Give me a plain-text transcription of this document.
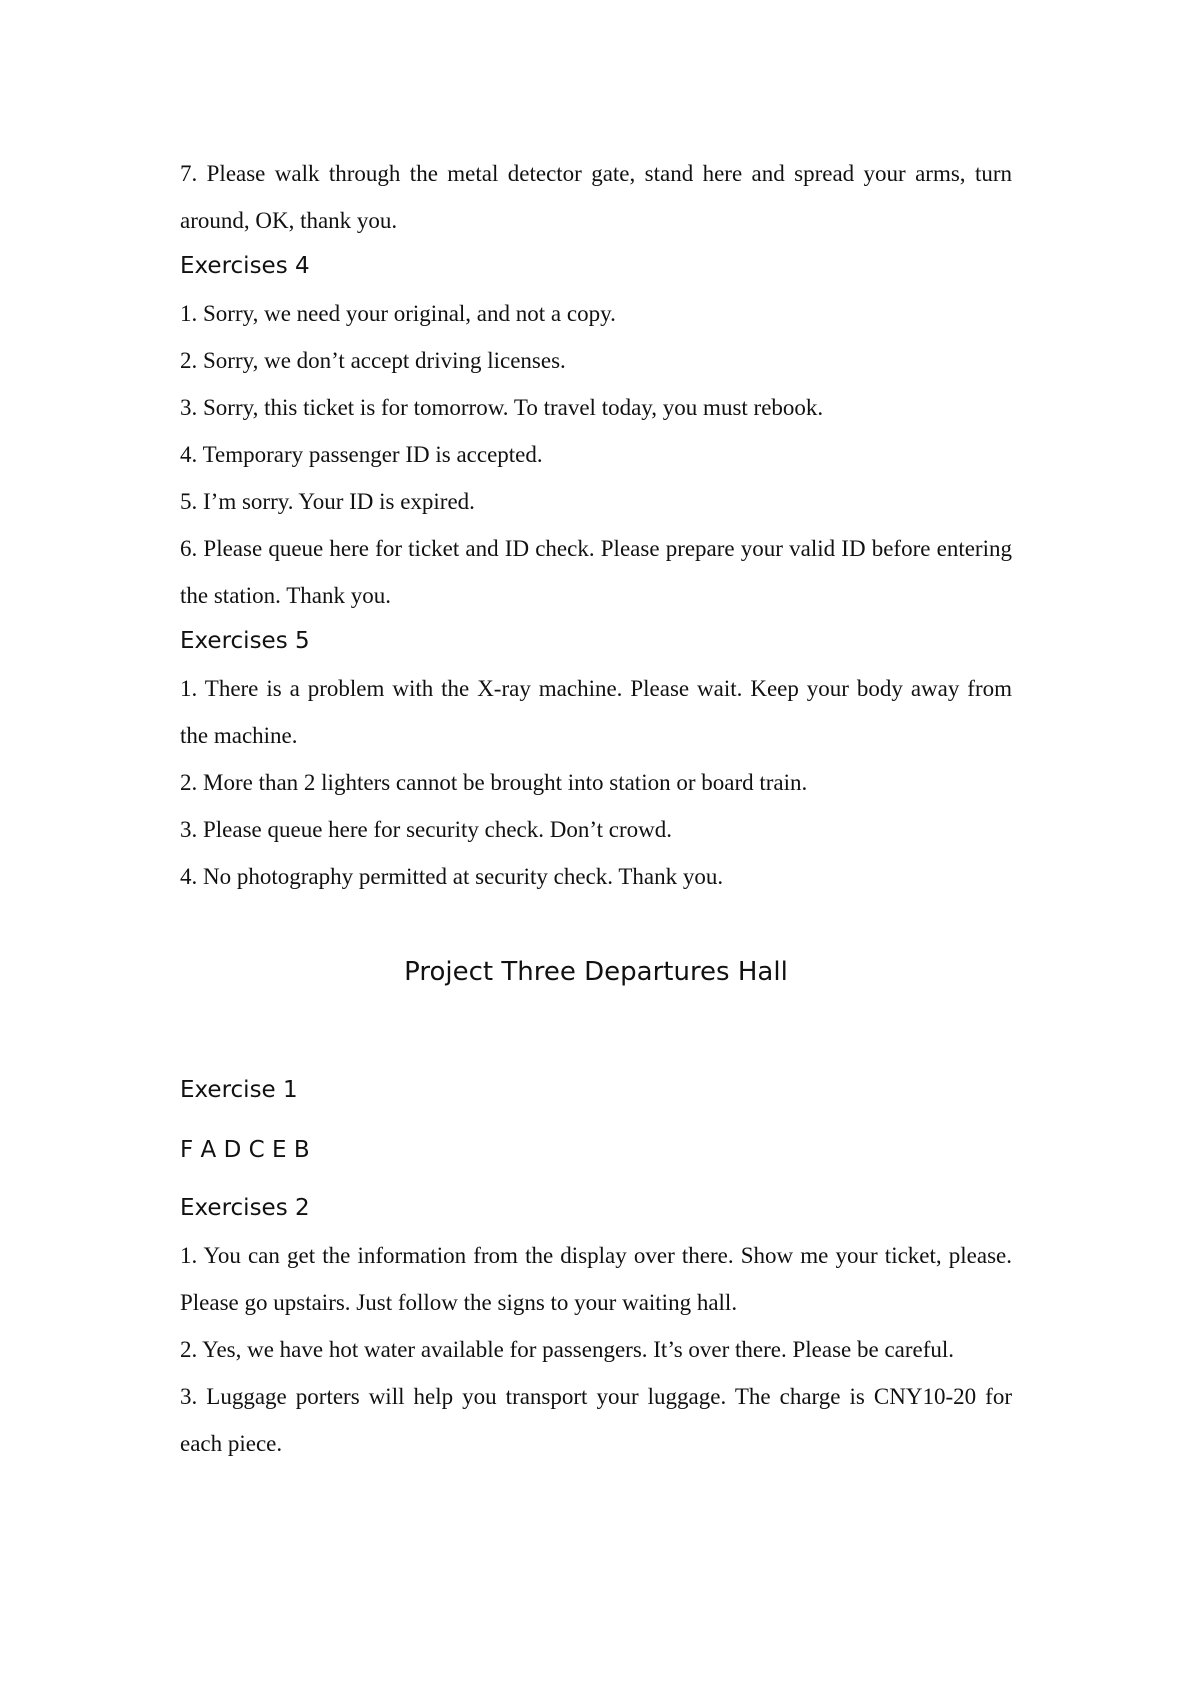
7. Please walk through the metal detector gate, stand here and spread your arms, turn around, OK, thank you.

Exercises 4

1. Sorry, we need your original, and not a copy.

2. Sorry, we don’t accept driving licenses.

3. Sorry, this ticket is for tomorrow. To travel today, you must rebook.

4. Temporary passenger ID is accepted.

5. I’m sorry. Your ID is expired.

6. Please queue here for ticket and ID check. Please prepare your valid ID before entering the station. Thank you.

Exercises 5

1. There is a problem with the X-ray machine. Please wait. Keep your body away from the machine.

2. More than 2 lighters cannot be brought into station or board train.

3. Please queue here for security check. Don’t crowd.

4. No photography permitted at security check. Thank you.

Project Three Departures Hall
Exercise 1
F A D C E B
Exercises 2

1. You can get the information from the display over there. Show me your ticket, please. Please go upstairs. Just follow the signs to your waiting hall.

2. Yes, we have hot water available for passengers. It’s over there. Please be careful.

3. Luggage porters will help you transport your luggage. The charge is CNY10-20 for each piece.
